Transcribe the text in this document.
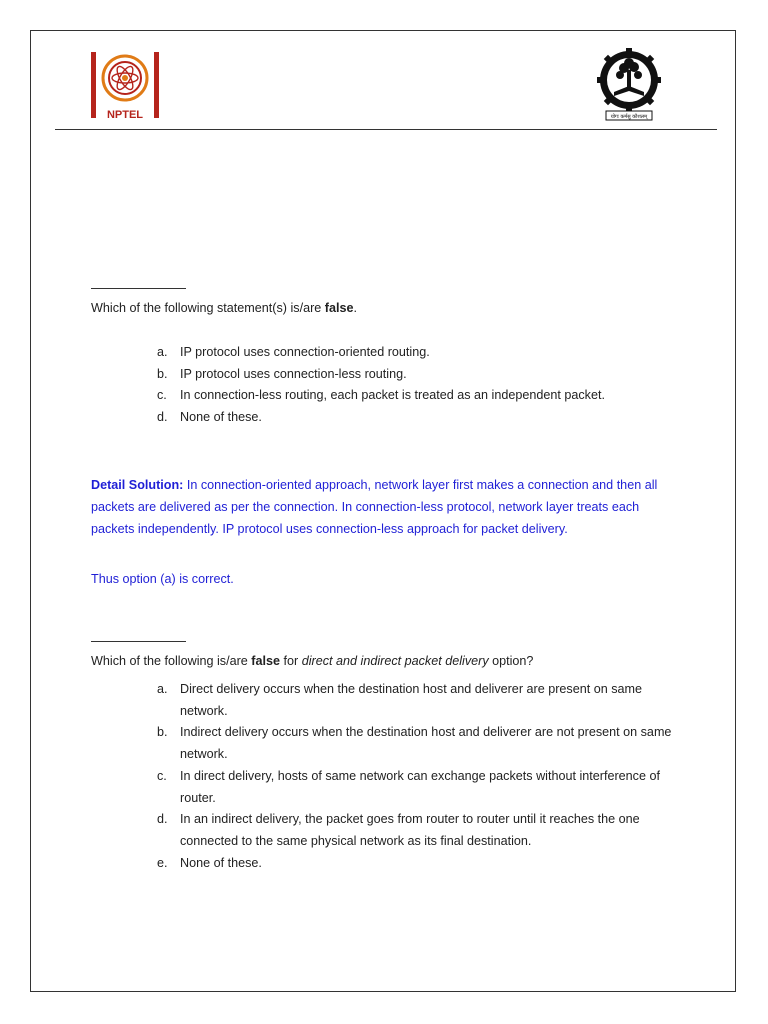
NPTEL	योगः कर्मसु कौशलम्
Which of the following statement(s) is/are false.
a. IP protocol uses connection-oriented routing.
b. IP protocol uses connection-less routing.
c. In connection-less routing, each packet is treated as an independent packet.
d. None of these.
Detail Solution: In connection-oriented approach, network layer first makes a connection and then all packets are delivered as per the connection. In connection-less protocol, network layer treats each packets independently. IP protocol uses connection-less approach for packet delivery.
Thus option (a) is correct.
Which of the following is/are false for direct and indirect packet delivery option?
a. Direct delivery occurs when the destination host and deliverer are present on same network.
b. Indirect delivery occurs when the destination host and deliverer are not present on same network.
c. In direct delivery, hosts of same network can exchange packets without interference of router.
d. In an indirect delivery, the packet goes from router to router until it reaches the one connected to the same physical network as its final destination.
e. None of these.
